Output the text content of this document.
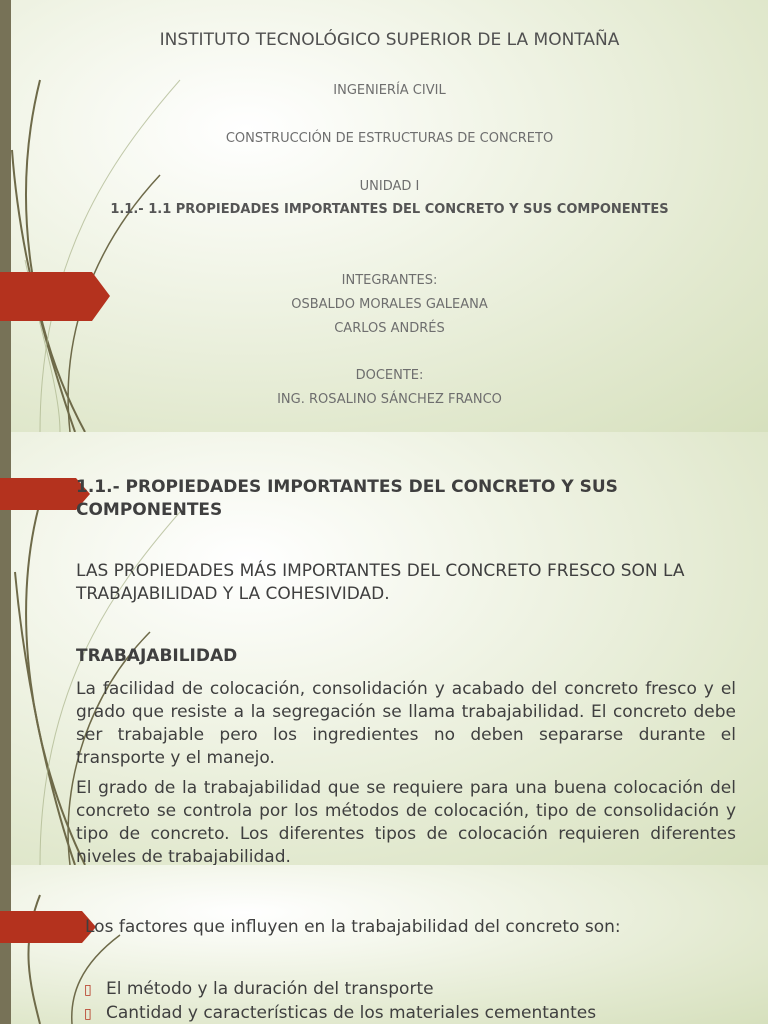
INSTITUTO TECNOLÓGICO SUPERIOR DE LA MONTAÑA
INGENIERÍA CIVIL
CONSTRUCCIÓN DE ESTRUCTURAS DE CONCRETO
UNIDAD I
1.1.- 1.1 PROPIEDADES IMPORTANTES DEL CONCRETO Y SUS COMPONENTES
INTEGRANTES:
OSBALDO MORALES GALEANA
CARLOS ANDRÉS
DOCENTE:
ING. ROSALINO SÁNCHEZ FRANCO
1.1.- PROPIEDADES IMPORTANTES DEL CONCRETO Y SUS COMPONENTES
LAS PROPIEDADES MÁS IMPORTANTES DEL CONCRETO FRESCO SON LA TRABAJABILIDAD Y LA COHESIVIDAD.
TRABAJABILIDAD
La facilidad de colocación, consolidación y acabado del concreto fresco y el grado que resiste a la segregación se llama trabajabilidad. El concreto debe ser trabajable pero los ingredientes no deben separarse durante el transporte y el manejo.
El grado de la trabajabilidad que se requiere para una buena colocación del concreto se controla por los métodos de colocación, tipo de consolidación y tipo de concreto. Los diferentes tipos de colocación requieren diferentes niveles de trabajabilidad.
Los factores que influyen en la trabajabilidad del concreto son:
▯ El método y la duración del transporte
▯ Cantidad y características de los materiales cementantes
